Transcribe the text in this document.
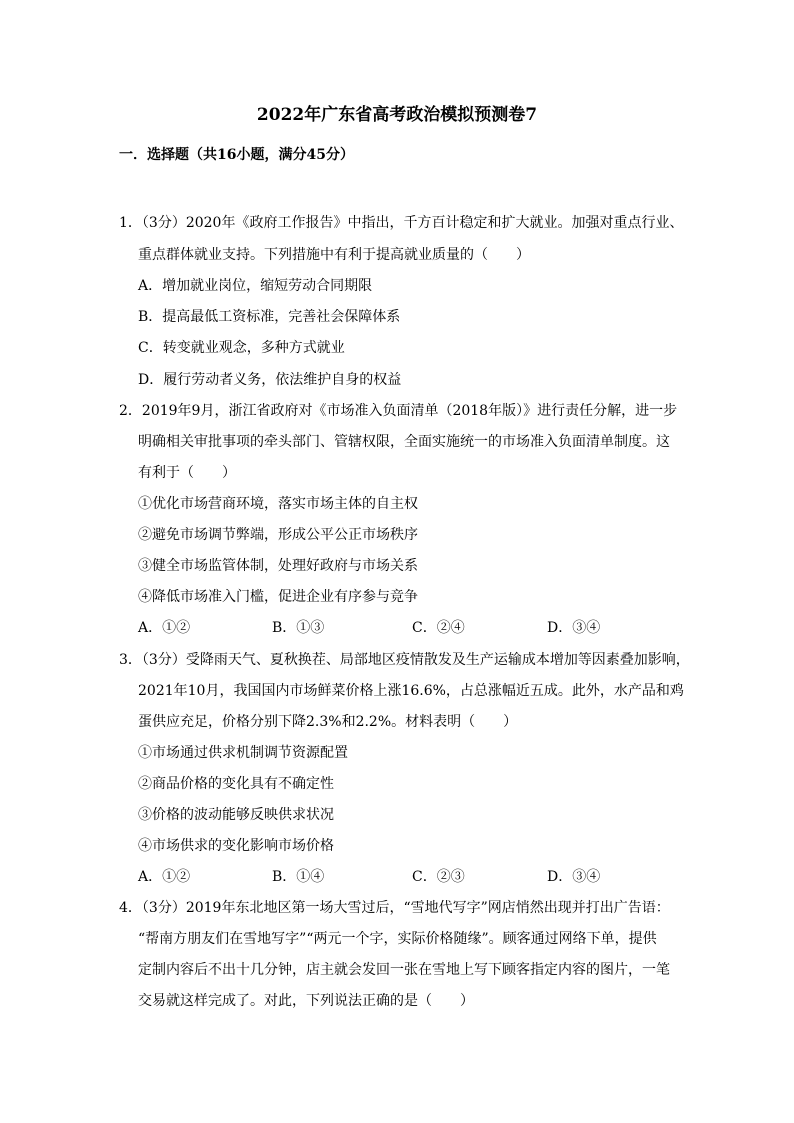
2022年广东省高考政治模拟预测卷7
一．选择题（共16小题，满分45分）
1．（3分）2020年《政府工作报告》中指出，千方百计稳定和扩大就业。加强对重点行业、
重点群体就业支持。下列措施中有利于提高就业质量的（　　）
A．增加就业岗位，缩短劳动合同期限
B．提高最低工资标准，完善社会保障体系
C．转变就业观念，多种方式就业
D．履行劳动者义务，依法维护自身的权益
2．2019年9月，浙江省政府对《市场准入负面清单（2018年版）》进行责任分解，进一步
明确相关审批事项的牵头部门、管辖权限，全面实施统一的市场准入负面清单制度。这
有利于（　　）
①优化市场营商环境，落实市场主体的自主权
②避免市场调节弊端，形成公平公正市场秩序
③健全市场监管体制，处理好政府与市场关系
④降低市场准入门槛，促进企业有序参与竞争
A．①②	B．①③	C．②④	D．③④
3．（3分）受降雨天气、夏秋换茬、局部地区疫情散发及生产运输成本增加等因素叠加影响，
2021年10月，我国国内市场鲜菜价格上涨16.6%，占总涨幅近五成。此外，水产品和鸡
蛋供应充足，价格分别下降2.3%和2.2%。材料表明（　　）
①市场通过供求机制调节资源配置
②商品价格的变化具有不确定性
③价格的波动能够反映供求状况
④市场供求的变化影响市场价格
A．①②	B．①④	C．②③	D．③④
4．（3分）2019年东北地区第一场大雪过后，“雪地代写字”网店悄然出现并打出广告语：
“帮南方朋友们在雪地写字”“两元一个字，实际价格随缘”。顾客通过网络下单，提供
定制内容后不出十几分钟，店主就会发回一张在雪地上写下顾客指定内容的图片，一笔
交易就这样完成了。对此，下列说法正确的是（　　）
